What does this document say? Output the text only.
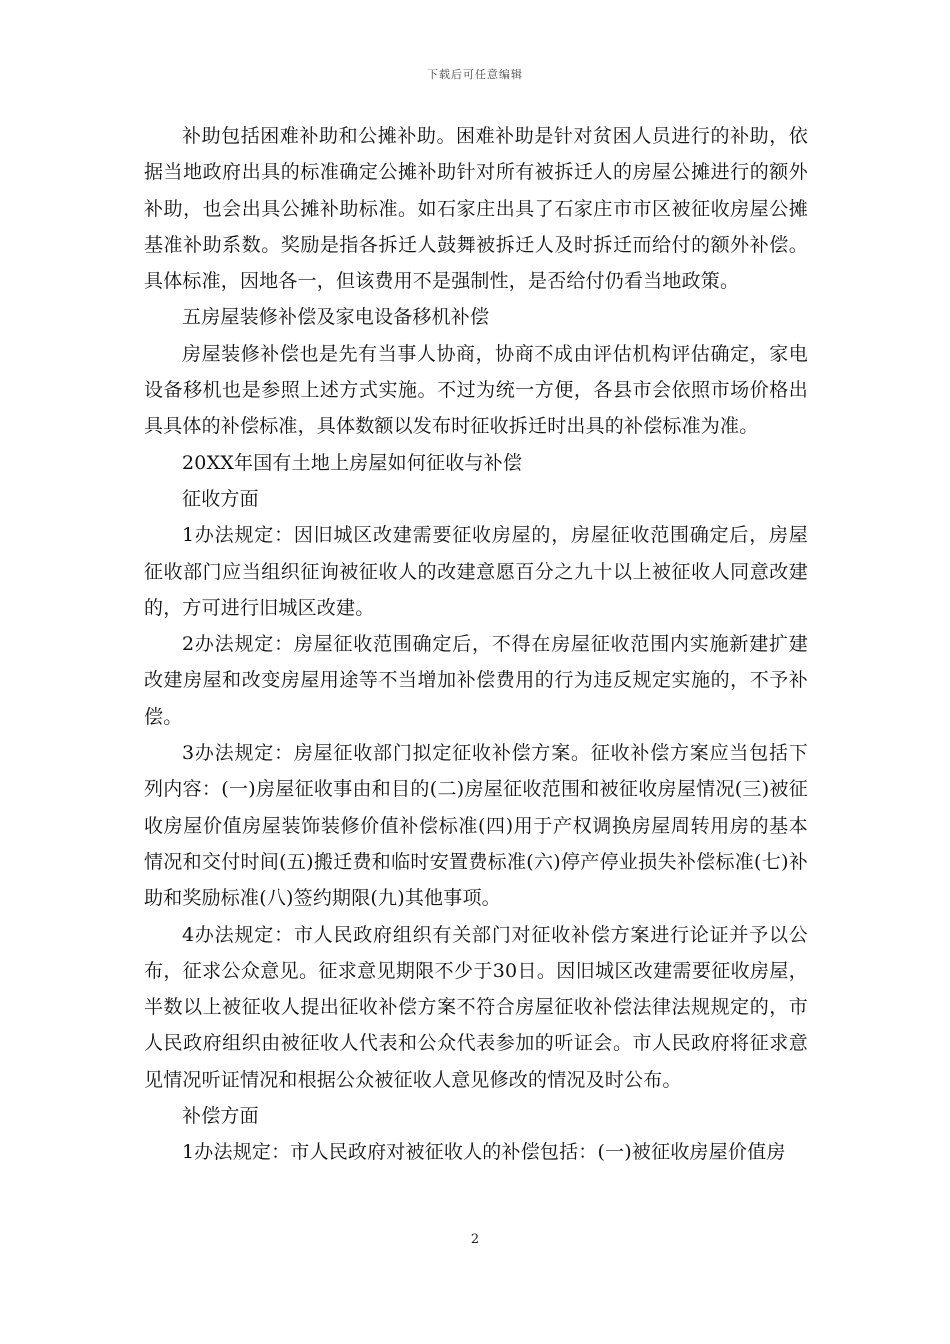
下载后可任意编辑

补助包括困难补助和公摊补助。困难补助是针对贫困人员进行的补助，依据当地政府出具的标准确定公摊补助针对所有被拆迁人的房屋公摊进行的额外补助，也会出具公摊补助标准。如石家庄出具了石家庄市市区被征收房屋公摊基准补助系数。奖励是指各拆迁人鼓舞被拆迁人及时拆迁而给付的额外补偿。具体标准，因地各一，但该费用不是强制性，是否给付仍看当地政策。

五房屋装修补偿及家电设备移机补偿

房屋装修补偿也是先有当事人协商，协商不成由评估机构评估确定，家电设备移机也是参照上述方式实施。不过为统一方便，各县市会依照市场价格出具具体的补偿标准，具体数额以发布时征收拆迁时出具的补偿标准为准。

20XX年国有土地上房屋如何征收与补偿

征收方面

1办法规定：因旧城区改建需要征收房屋的，房屋征收范围确定后，房屋征收部门应当组织征询被征收人的改建意愿百分之九十以上被征收人同意改建的，方可进行旧城区改建。

2办法规定：房屋征收范围确定后，不得在房屋征收范围内实施新建扩建改建房屋和改变房屋用途等不当增加补偿费用的行为违反规定实施的，不予补偿。

3办法规定：房屋征收部门拟定征收补偿方案。征收补偿方案应当包括下列内容：(一)房屋征收事由和目的(二)房屋征收范围和被征收房屋情况(三)被征收房屋价值房屋装饰装修价值补偿标准(四)用于产权调换房屋周转用房的基本情况和交付时间(五)搬迁费和临时安置费标准(六)停产停业损失补偿标准(七)补助和奖励标准(八)签约期限(九)其他事项。

4办法规定：市人民政府组织有关部门对征收补偿方案进行论证并予以公布，征求公众意见。征求意见期限不少于30日。因旧城区改建需要征收房屋，半数以上被征收人提出征收补偿方案不符合房屋征收补偿法律法规规定的，市人民政府组织由被征收人代表和公众代表参加的听证会。市人民政府将征求意见情况听证情况和根据公众被征收人意见修改的情况及时公布。

补偿方面

1办法规定：市人民政府对被征收人的补偿包括：(一)被征收房屋价值房

2
